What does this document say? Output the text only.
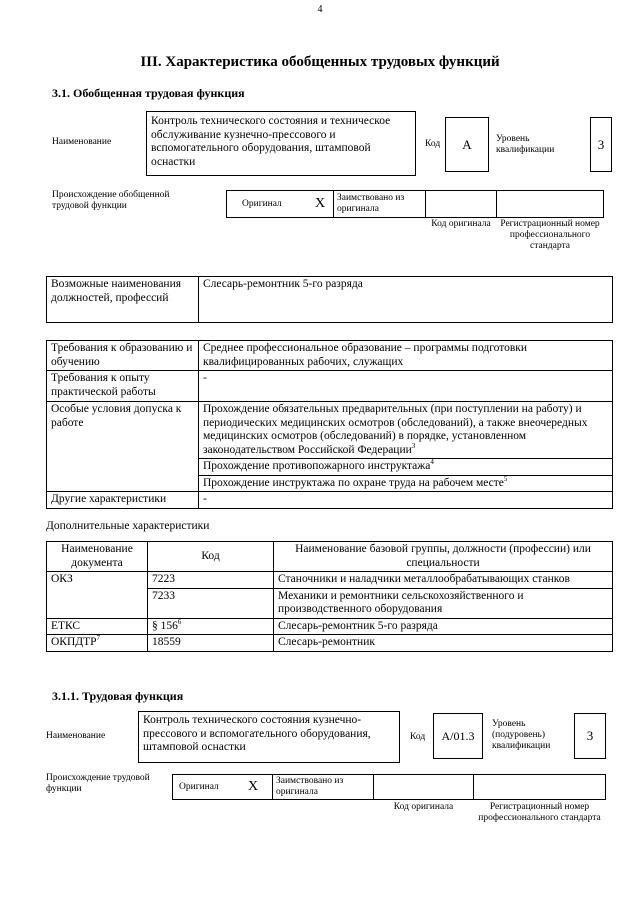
4
III. Характеристика обобщенных трудовых функций
3.1. Обобщенная трудовая функция
Наименование
Контроль технического состояния и техническое обслуживание кузнечно-прессового и вспомогательного оборудования, штамповой оснастки
Код	A	Уровень квалификации	3
Происхождение обобщенной трудовой функции	Оригинал X	Заимствовано из оригинала
Код оригинала	Регистрационный номер профессионального стандарта
Возможные наименования должностей, профессий	Слесарь-ремонтник 5-го разряда
Требования к образованию и обучению	Среднее профессиональное образование – программы подготовки квалифицированных рабочих, служащих
Требования к опыту практической работы	-
Особые условия допуска к работе	Прохождение обязательных предварительных (при поступлении на работу) и периодических медицинских осмотров (обследований), а также внеочередных медицинских осмотров (обследований) в порядке, установленном законодательством Российской Федерации$^3$
	Прохождение противопожарного инструктажа$^4$
	Прохождение инструктажа по охране труда на рабочем месте$^5$
Другие характеристики	-
Дополнительные характеристики
Наименование документа	Код	Наименование базовой группы, должности (профессии) или специальности
ОКЗ	7223	Станочники и наладчики металлообрабатывающих станков
	7233	Механики и ремонтники сельскохозяйственного и производственного оборудования
ЕТКС	§ $156^6$	Слесарь-ремонтник 5-го разряда
ОКПДТР$^7$	18559	Слесарь-ремонтник
3.1.1. Трудовая функция
Наименование
Контроль технического состояния кузнечно-прессового и вспомогательного оборудования, штамповой оснастки
Код	A/01.3
Уровень (подуровень) квалификации
3
Происхождение трудовой функции	Оригинал X	Заимствовано из оригинала
Код оригинала	Регистрационный номер профессионального стандарта
